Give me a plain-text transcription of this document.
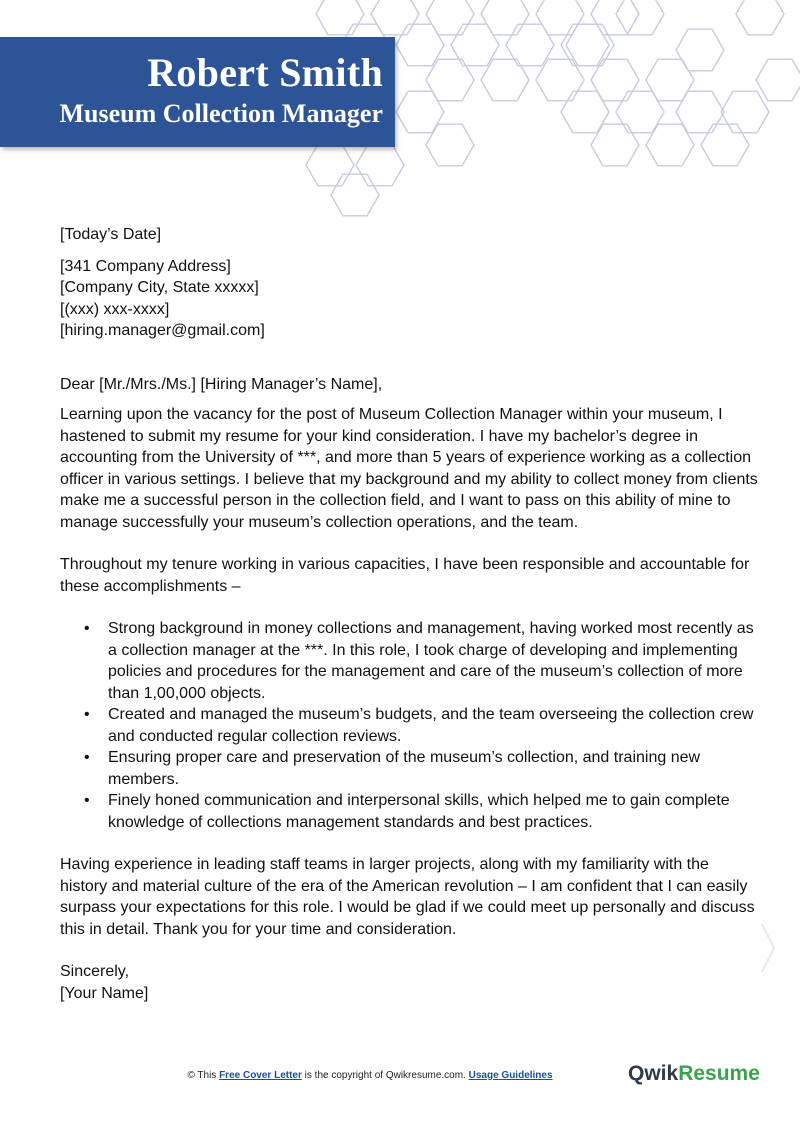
Robert Smith
Museum Collection Manager

[Today’s Date]

[341 Company Address]

[Company City, State xxxxx]

[(xxx) xxx-xxxx]

[hiring.manager@gmail.com]

Dear [Mr./Mrs./Ms.] [Hiring Manager’s Name],

Learning upon the vacancy for the post of Museum Collection Manager within your museum, I hastened to submit my resume for your kind consideration. I have my bachelor’s degree in accounting from the University of ***, and more than 5 years of experience working as a collection officer in various settings. I believe that my background and my ability to collect money from clients make me a successful person in the collection field, and I want to pass on this ability of mine to manage successfully your museum’s collection operations, and the team.

Throughout my tenure working in various capacities, I have been responsible and accountable for these accomplishments –

• Strong background in money collections and management, having worked most recently as a collection manager at the ***. In this role, I took charge of developing and implementing policies and procedures for the management and care of the museum’s collection of more than 1,00,000 objects.
• Created and managed the museum’s budgets, and the team overseeing the collection crew and conducted regular collection reviews.
• Ensuring proper care and preservation of the museum’s collection, and training new members.
• Finely honed communication and interpersonal skills, which helped me to gain complete knowledge of collections management standards and best practices.

Having experience in leading staff teams in larger projects, along with my familiarity with the history and material culture of the era of the American revolution – I am confident that I can easily surpass your expectations for this role. I would be glad if we could meet up personally and discuss this in detail. Thank you for your time and consideration.

Sincerely,

[Your Name]

© This Free Cover Letter is the copyright of Qwikresume.com. Usage Guidelines	QwikResume
